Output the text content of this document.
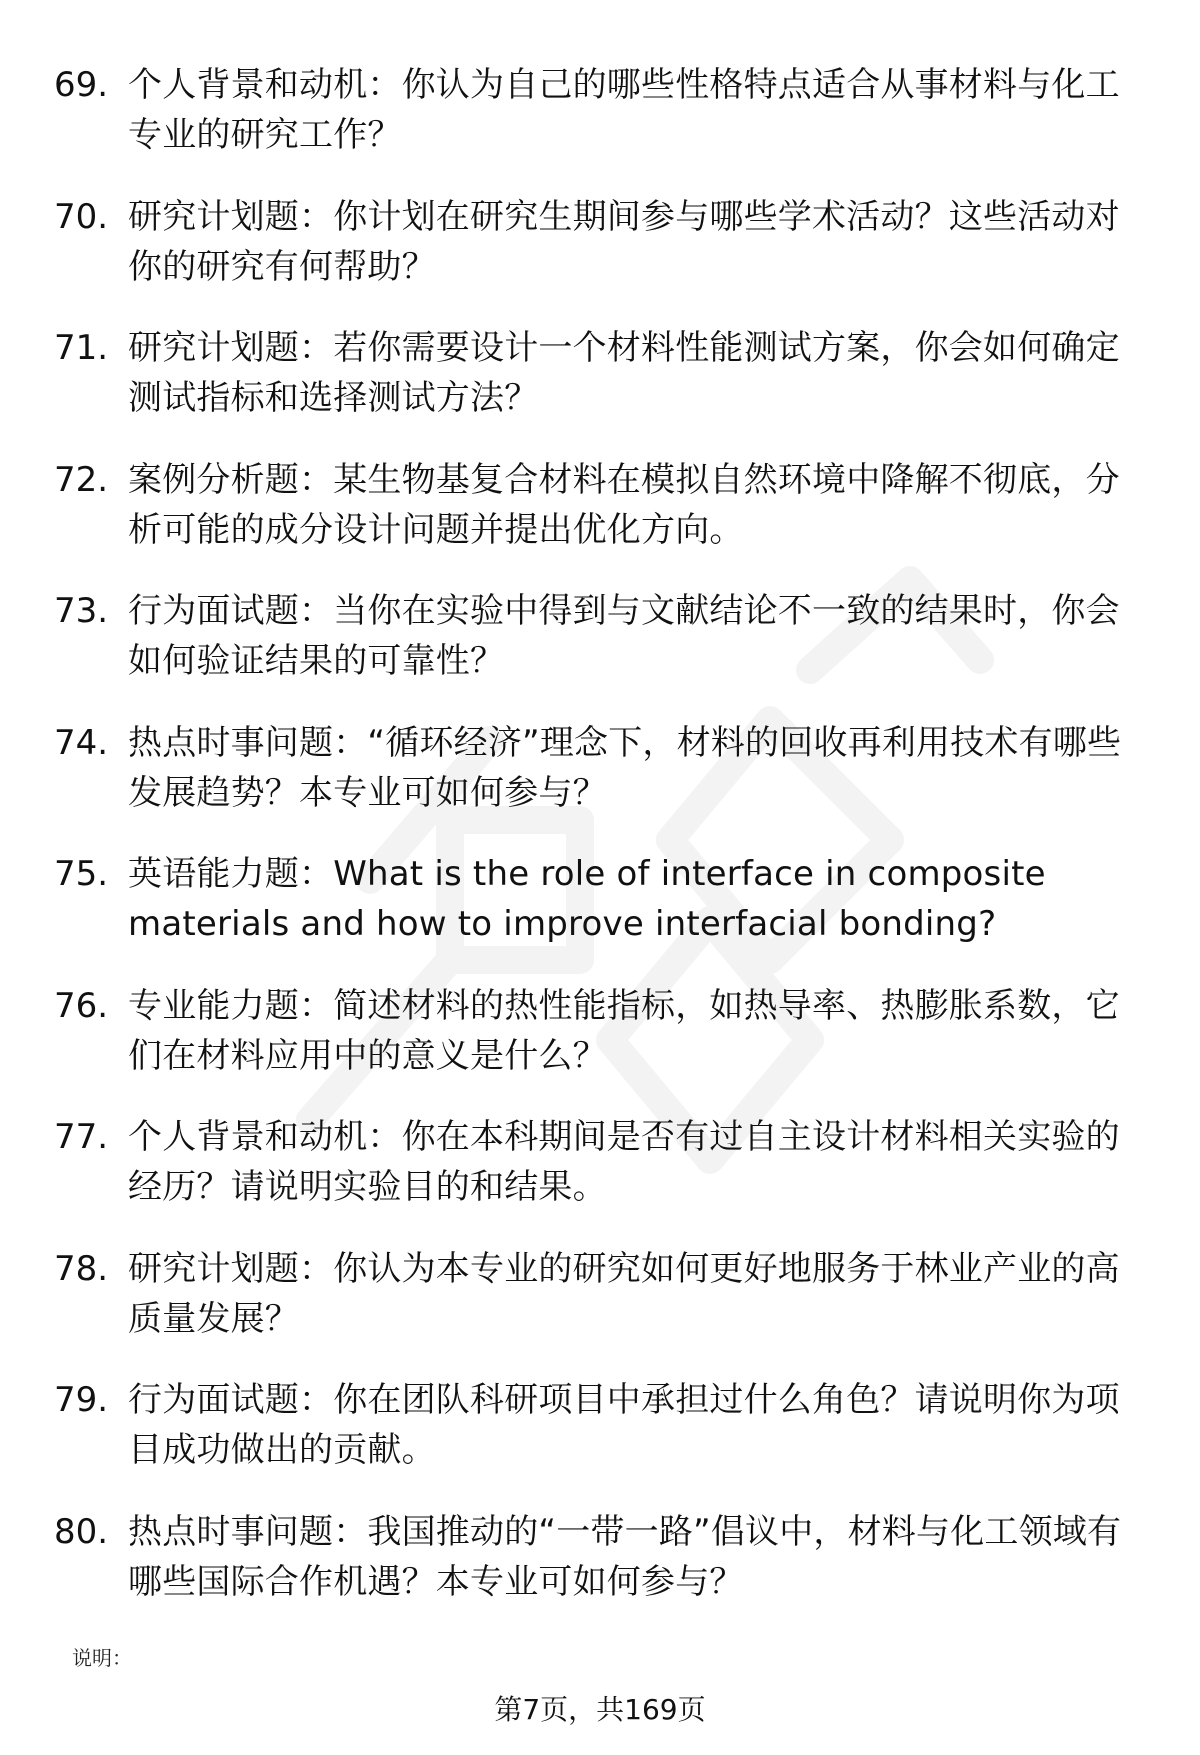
69. 个人背景和动机：你认为自己的哪些性格特点适合从事材料与化工专业的研究工作？
70. 研究计划题：你计划在研究生期间参与哪些学术活动？这些活动对你的研究有何帮助？
71. 研究计划题：若你需要设计一个材料性能测试方案，你会如何确定测试指标和选择测试方法？
72. 案例分析题：某生物基复合材料在模拟自然环境中降解不彻底，分析可能的成分设计问题并提出优化方向。
73. 行为面试题：当你在实验中得到与文献结论不一致的结果时，你会如何验证结果的可靠性？
74. 热点时事问题：“循环经济”理念下，材料的回收再利用技术有哪些发展趋势？本专业可如何参与？
75. 英语能力题：What is the role of interface in composite materials and how to improve interfacial bonding?
76. 专业能力题：简述材料的热性能指标，如热导率、热膨胀系数，它们在材料应用中的意义是什么？
77. 个人背景和动机：你在本科期间是否有过自主设计材料相关实验的经历？请说明实验目的和结果。
78. 研究计划题：你认为本专业的研究如何更好地服务于林业产业的高质量发展？
79. 行为面试题：你在团队科研项目中承担过什么角色？请说明你为项目成功做出的贡献。
80. 热点时事问题：我国推动的“一带一路”倡议中，材料与化工领域有哪些国际合作机遇？本专业可如何参与？
说明：
第7页，共169页
